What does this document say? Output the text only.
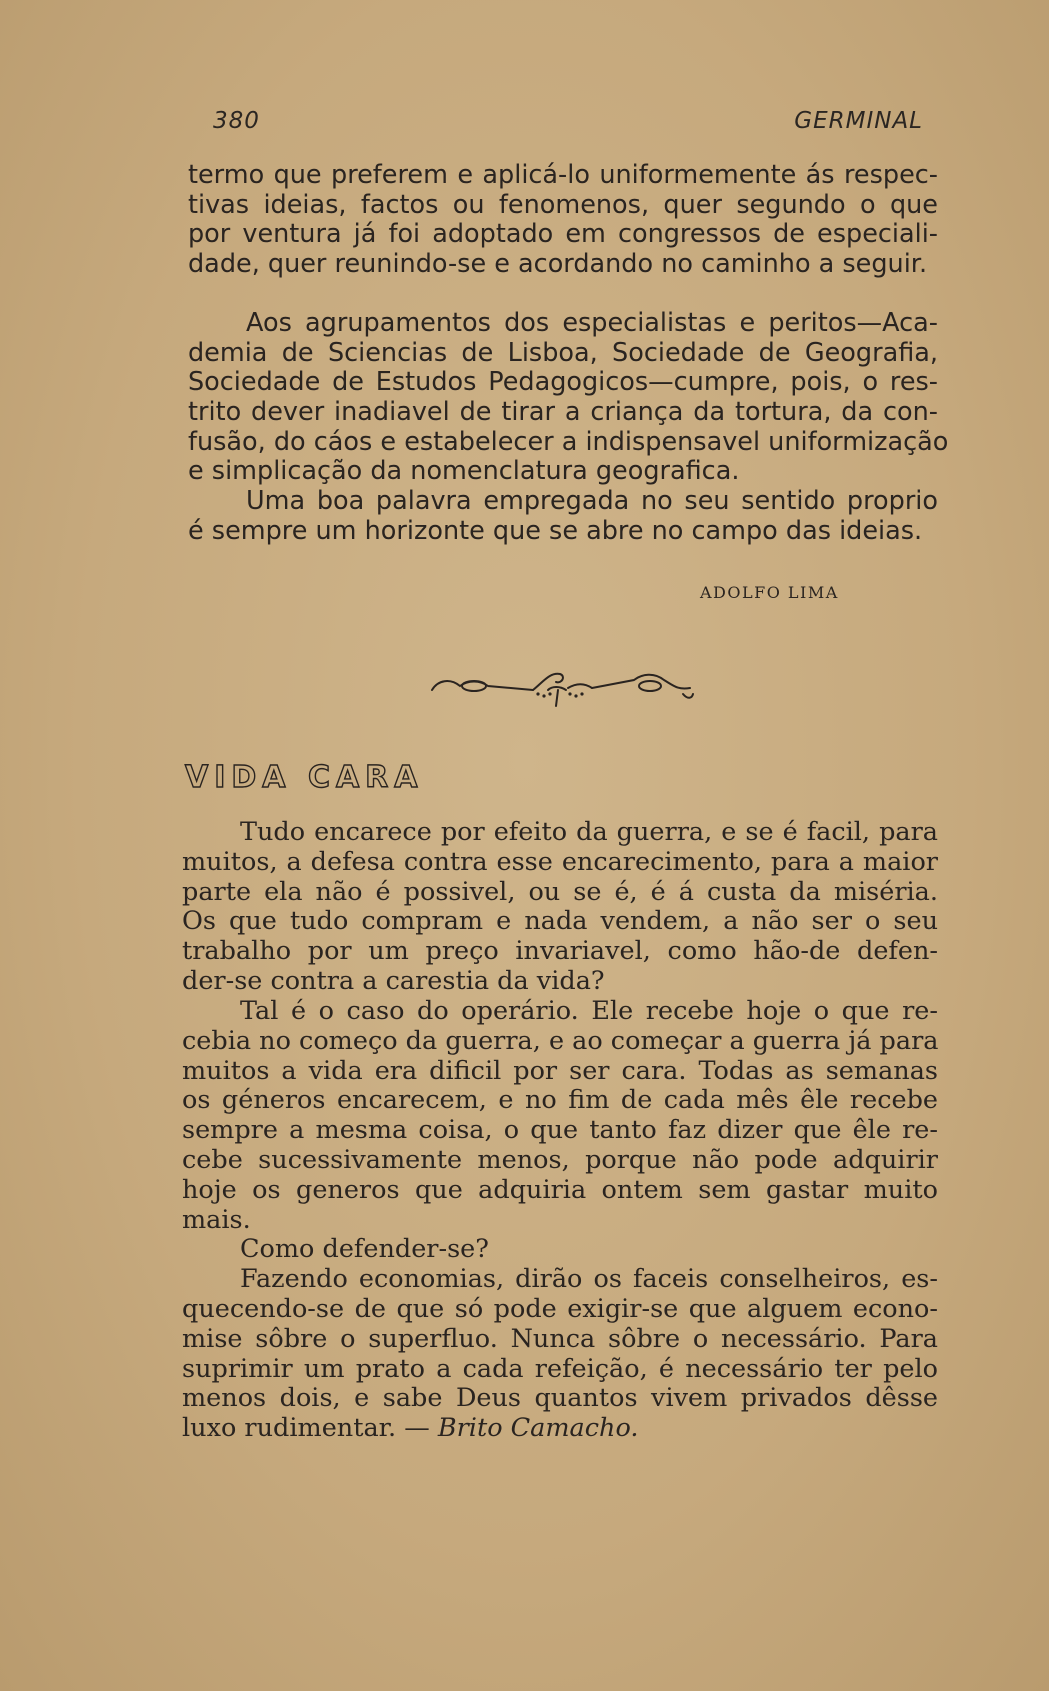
380	GERMINAL
termo que preferem e aplicá-lo uniformemente ás respec-
tivas ideias, factos ou fenomenos, quer segundo o que
por ventura já foi adoptado em congressos de especiali-
dade, quer reunindo-se e acordando no caminho a seguir.
Aos agrupamentos dos especialistas e peritos—Aca-
demia de Sciencias de Lisboa, Sociedade de Geografia,
Sociedade de Estudos Pedagogicos—cumpre, pois, o res-
trito dever inadiavel de tirar a criança da tortura, da con-
fusão, do cáos e estabelecer a indispensavel uniformização
e simplicação da nomenclatura geografica.
Uma boa palavra empregada no seu sentido proprio
é sempre um horizonte que se abre no campo das ideias.
ADOLFO LIMA
VIDA CARA
Tudo encarece por efeito da guerra, e se é facil, para
muitos, a defesa contra esse encarecimento, para a maior
parte ela não é possivel, ou se é, é á custa da miséria.
Os que tudo compram e nada vendem, a não ser o seu
trabalho por um preço invariavel, como hão-de defen-
der-se contra a carestia da vida?
Tal é o caso do operário. Ele recebe hoje o que re-
cebia no começo da guerra, e ao começar a guerra já para
muitos a vida era dificil por ser cara. Todas as semanas
os géneros encarecem, e no fim de cada mês êle recebe
sempre a mesma coisa, o que tanto faz dizer que êle re-
cebe sucessivamente menos, porque não pode adquirir
hoje os generos que adquiria ontem sem gastar muito
mais.
Como defender-se?
Fazendo economias, dirão os faceis conselheiros, es-
quecendo-se de que só pode exigir-se que alguem econo-
mise sôbre o superfluo. Nunca sôbre o necessário. Para
suprimir um prato a cada refeição, é necessário ter pelo
menos dois, e sabe Deus quantos vivem privados dêsse
luxo rudimentar. — Brito Camacho.
